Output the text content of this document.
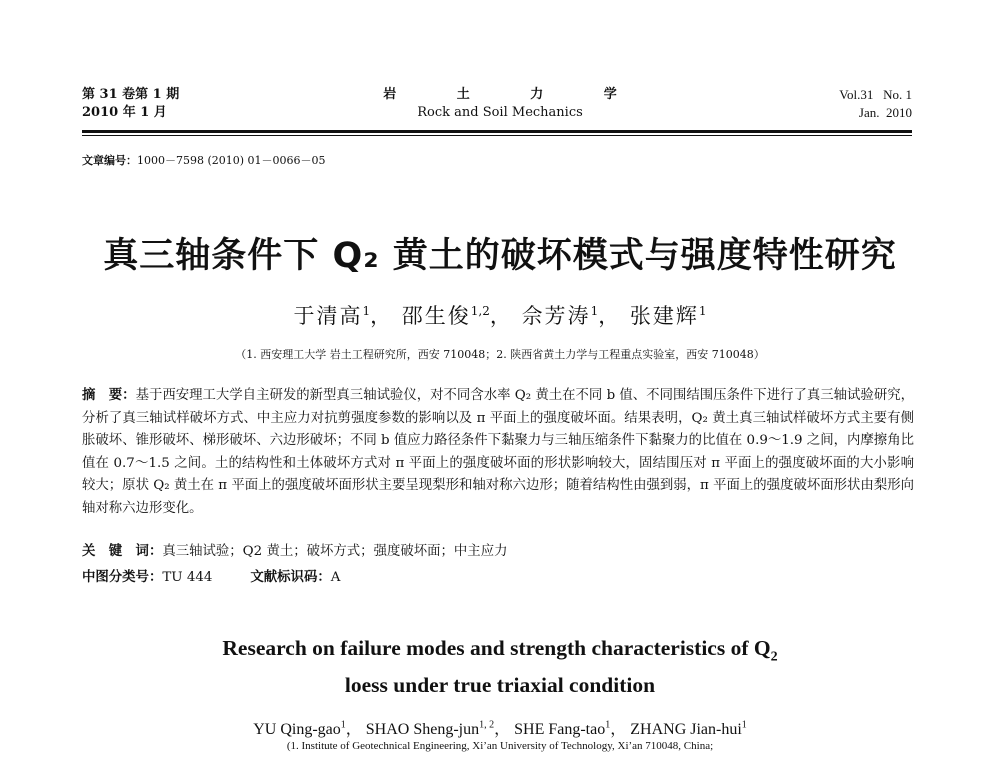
第 31 卷第 1 期
2010 年 1 月
岩 土 力 学
Rock and Soil Mechanics
Vol.31   No. 1
Jan.  2010
文章编号：1000－7598 (2010) 01－0066－05
真三轴条件下 Q₂ 黄土的破坏模式与强度特性研究
于清高$^1$， 邵生俊$^{1,2}$， 佘芳涛$^1$， 张建辉$^1$
（1. 西安理工大学 岩土工程研究所，西安 710048；2. 陕西省黄土力学与工程重点实验室，西安 710048）
摘　要：基于西安理工大学自主研发的新型真三轴试验仪，对不同含水率 Q₂ 黄土在不同 b 值、不同围结围压条件下进行了真三轴试验研究，分析了真三轴试样破坏方式、中主应力对抗剪强度参数的影响以及 π 平面上的强度破坏面。结果表明，Q₂ 黄土真三轴试样破坏方式主要有侧胀破坏、锥形破坏、梯形破坏、六边形破坏；不同 b 值应力路径条件下黏聚力与三轴压缩条件下黏聚力的比值在 0.9～1.9 之间，内摩擦角比值在 0.7～1.5 之间。土的结构性和土体破坏方式对 π 平面上的强度破坏面的形状影响较大，固结围压对 π 平面上的强度破坏面的大小影响较大；原状 Q₂ 黄土在 π 平面上的强度破坏面形状主要呈现梨形和轴对称六边形；随着结构性由强到弱，π 平面上的强度破坏面形状由梨形向轴对称六边形变化。
关　键　词：真三轴试验；Q2 黄土；破坏方式；强度破坏面；中主应力
中图分类号：TU 444	文献标识码：A
Research on failure modes and strength characteristics of $Q_2$
loess under true triaxial condition
YU Qing-gao$^1$， SHAO Sheng-jun$^{1, 2}$， SHE Fang-tao$^1$， ZHANG Jian-hui$^1$
(1. Institute of Geotechnical Engineering, Xi’an University of Technology, Xi’an 710048, China;
